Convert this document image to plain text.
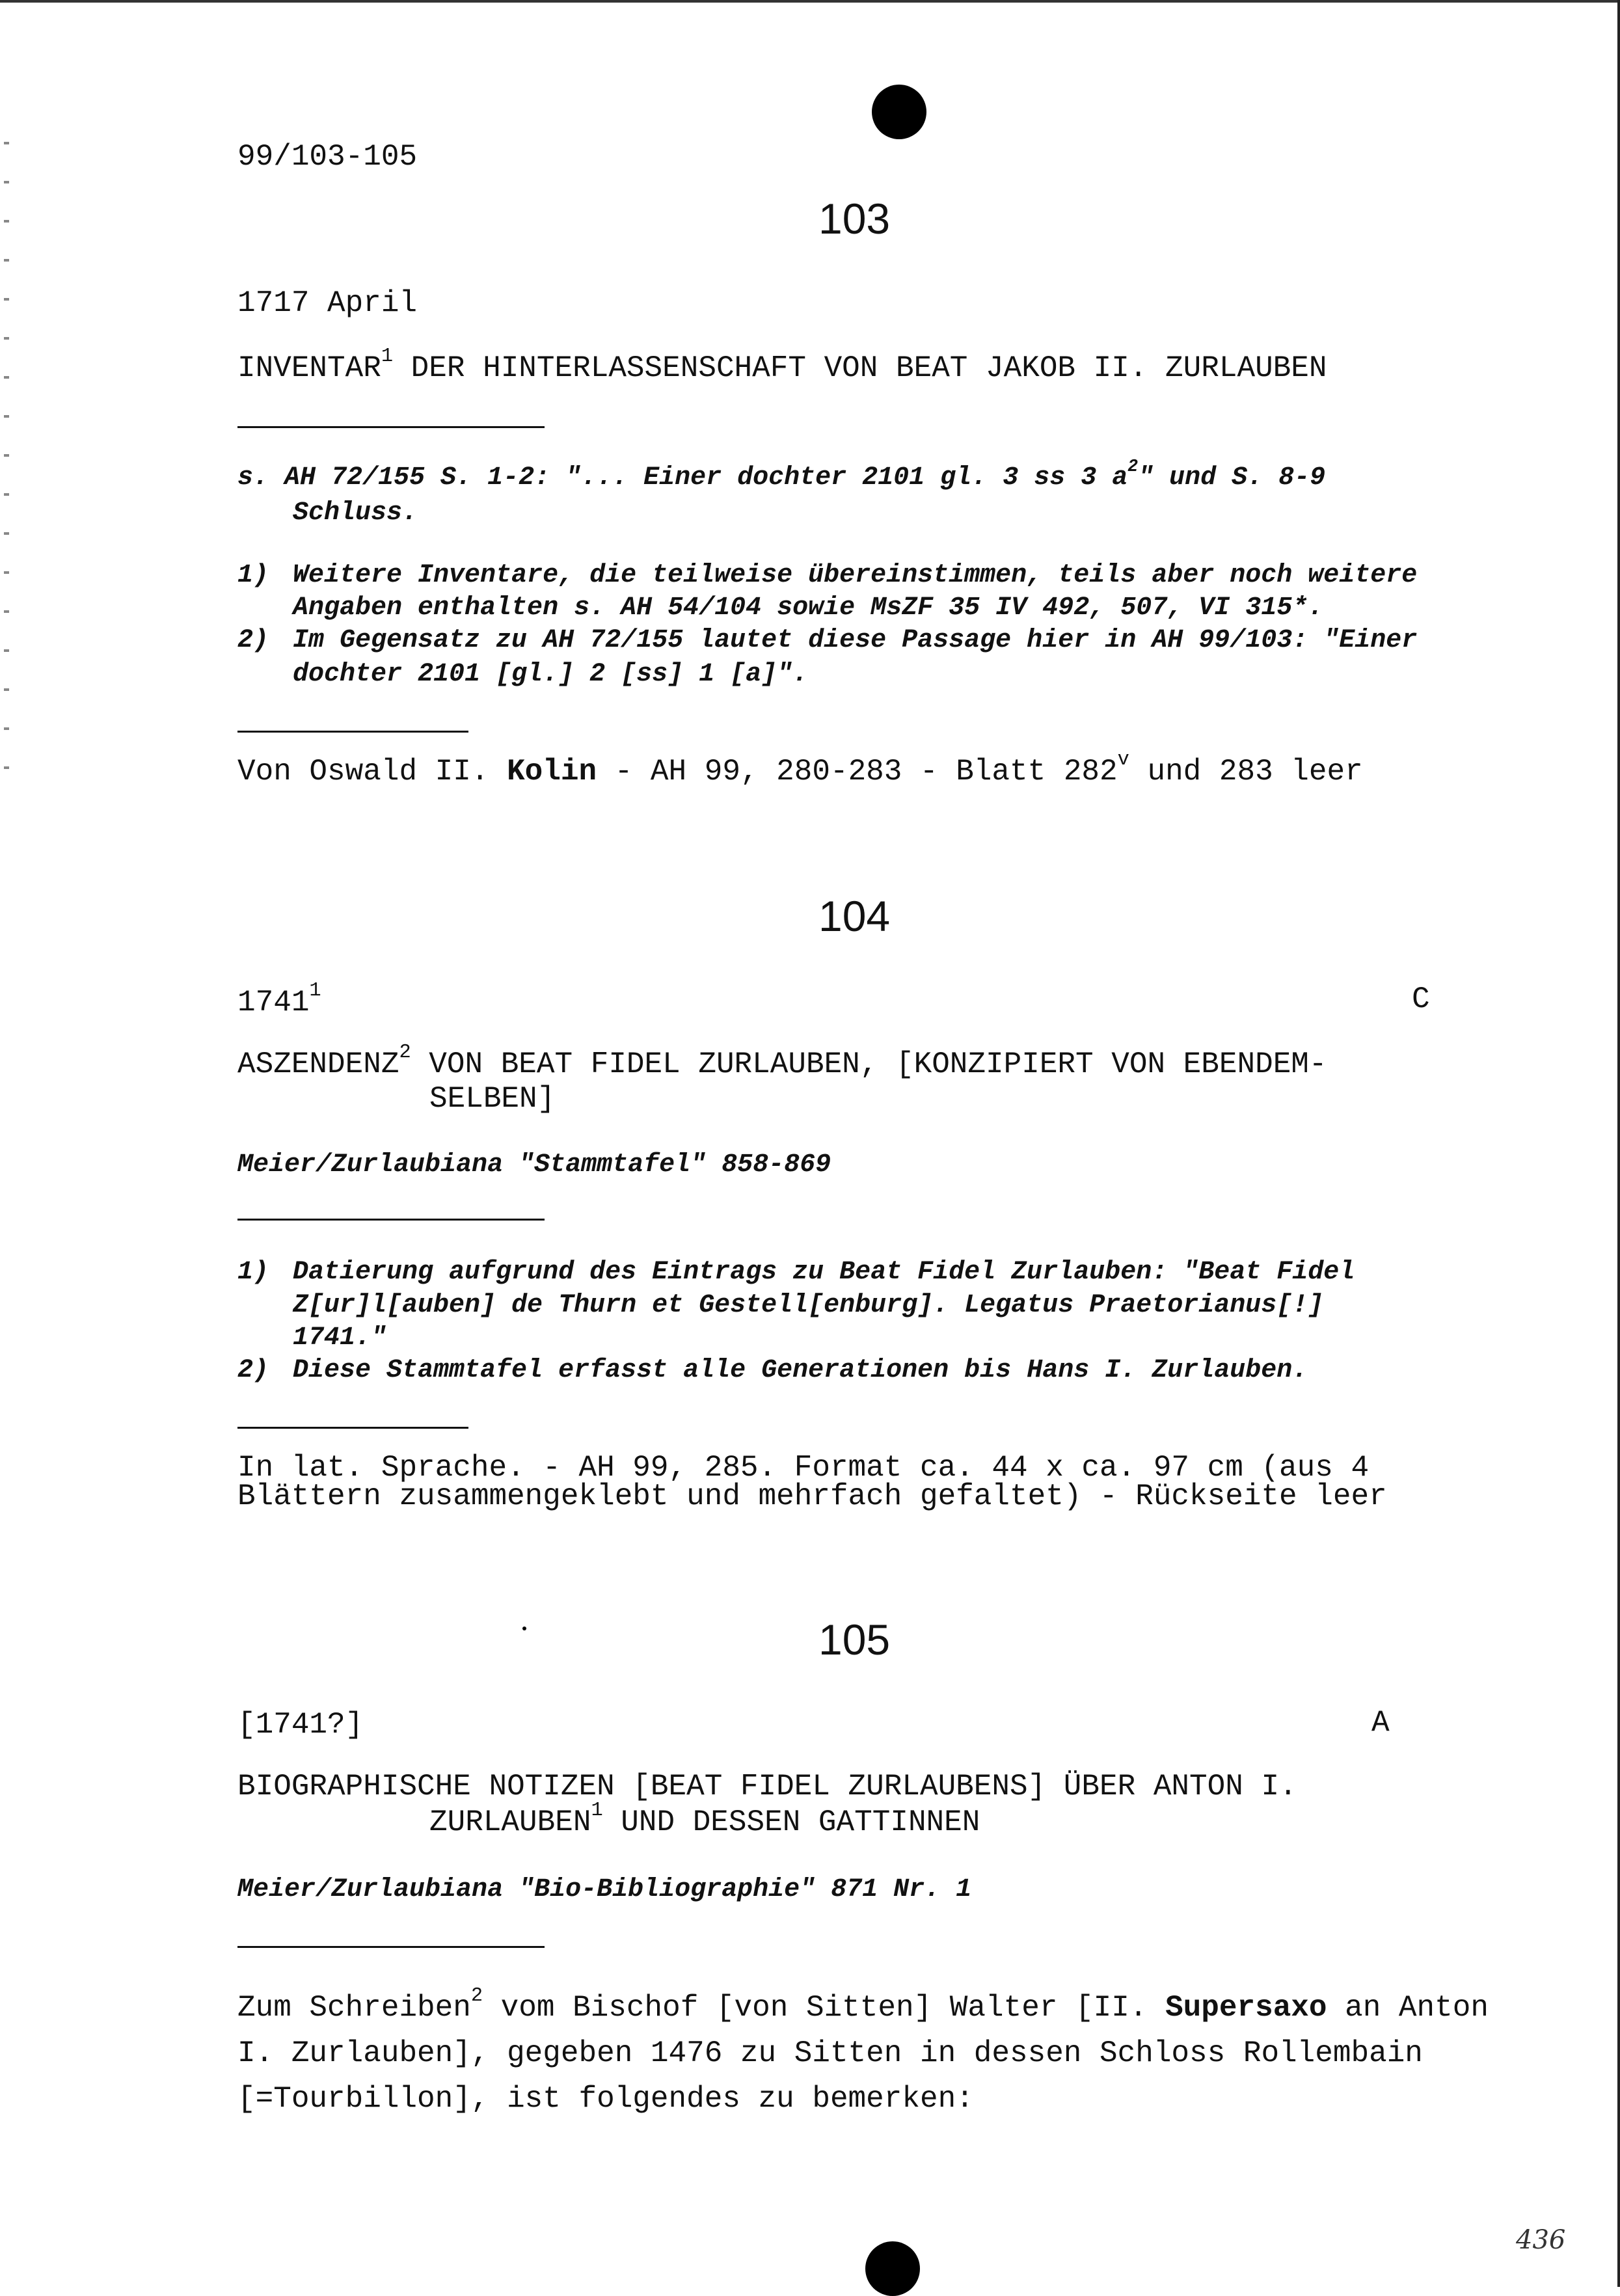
99/103-105
103
1717 April
INVENTAR$^1$ DER HINTERLASSENSCHAFT VON BEAT JAKOB II. ZURLAUBEN
s. AH 72/155 S. 1-2: "... Einer dochter 2101 gl. 3 ss 3 $a^2$" und S. 8-9
Schluss.
1) Weitere Inventare, die teilweise übereinstimmen, teils aber noch weitere
Angaben enthalten s. AH 54/104 sowie MsZF 35 IV 492, 507, VI 315*.
2) Im Gegensatz zu AH 72/155 lautet diese Passage hier in AH 99/103: "Einer
dochter 2101 [gl.] 2 [ss] 1 [a]".
Von Oswald II. Kolin - AH 99, 280-283 - Blatt 282$^v$ und 283 leer
104
1741$^1$	C
ASZENDENZ$^2$ VON BEAT FIDEL ZURLAUBEN, [KONZIPIERT VON EBENDEM-
SELBEN]
Meier/Zurlaubiana "Stammtafel" 858-869
1) Datierung aufgrund des Eintrags zu Beat Fidel Zurlauben: "Beat Fidel
Z[ur]l[auben] de Thurn et Gestell[enburg]. Legatus Praetorianus[!]
1741."
2) Diese Stammtafel erfasst alle Generationen bis Hans I. Zurlauben.
In lat. Sprache. - AH 99, 285. Format ca. 44 x ca. 97 cm (aus 4
Blättern zusammengeklebt und mehrfach gefaltet) - Rückseite leer
105
[1741?]	A
BIOGRAPHISCHE NOTIZEN [BEAT FIDEL ZURLAUBENS] ÜBER ANTON I.
ZURLAUBEN$^1$ UND DESSEN GATTINNEN
Meier/Zurlaubiana "Bio-Bibliographie" 871 Nr. 1
Zum Schreiben$^2$ vom Bischof [von Sitten] Walter [II. Supersaxo an Anton
I. Zurlauben], gegeben 1476 zu Sitten in dessen Schloss Rollembain
[=Tourbillon], ist folgendes zu bemerken:
436
